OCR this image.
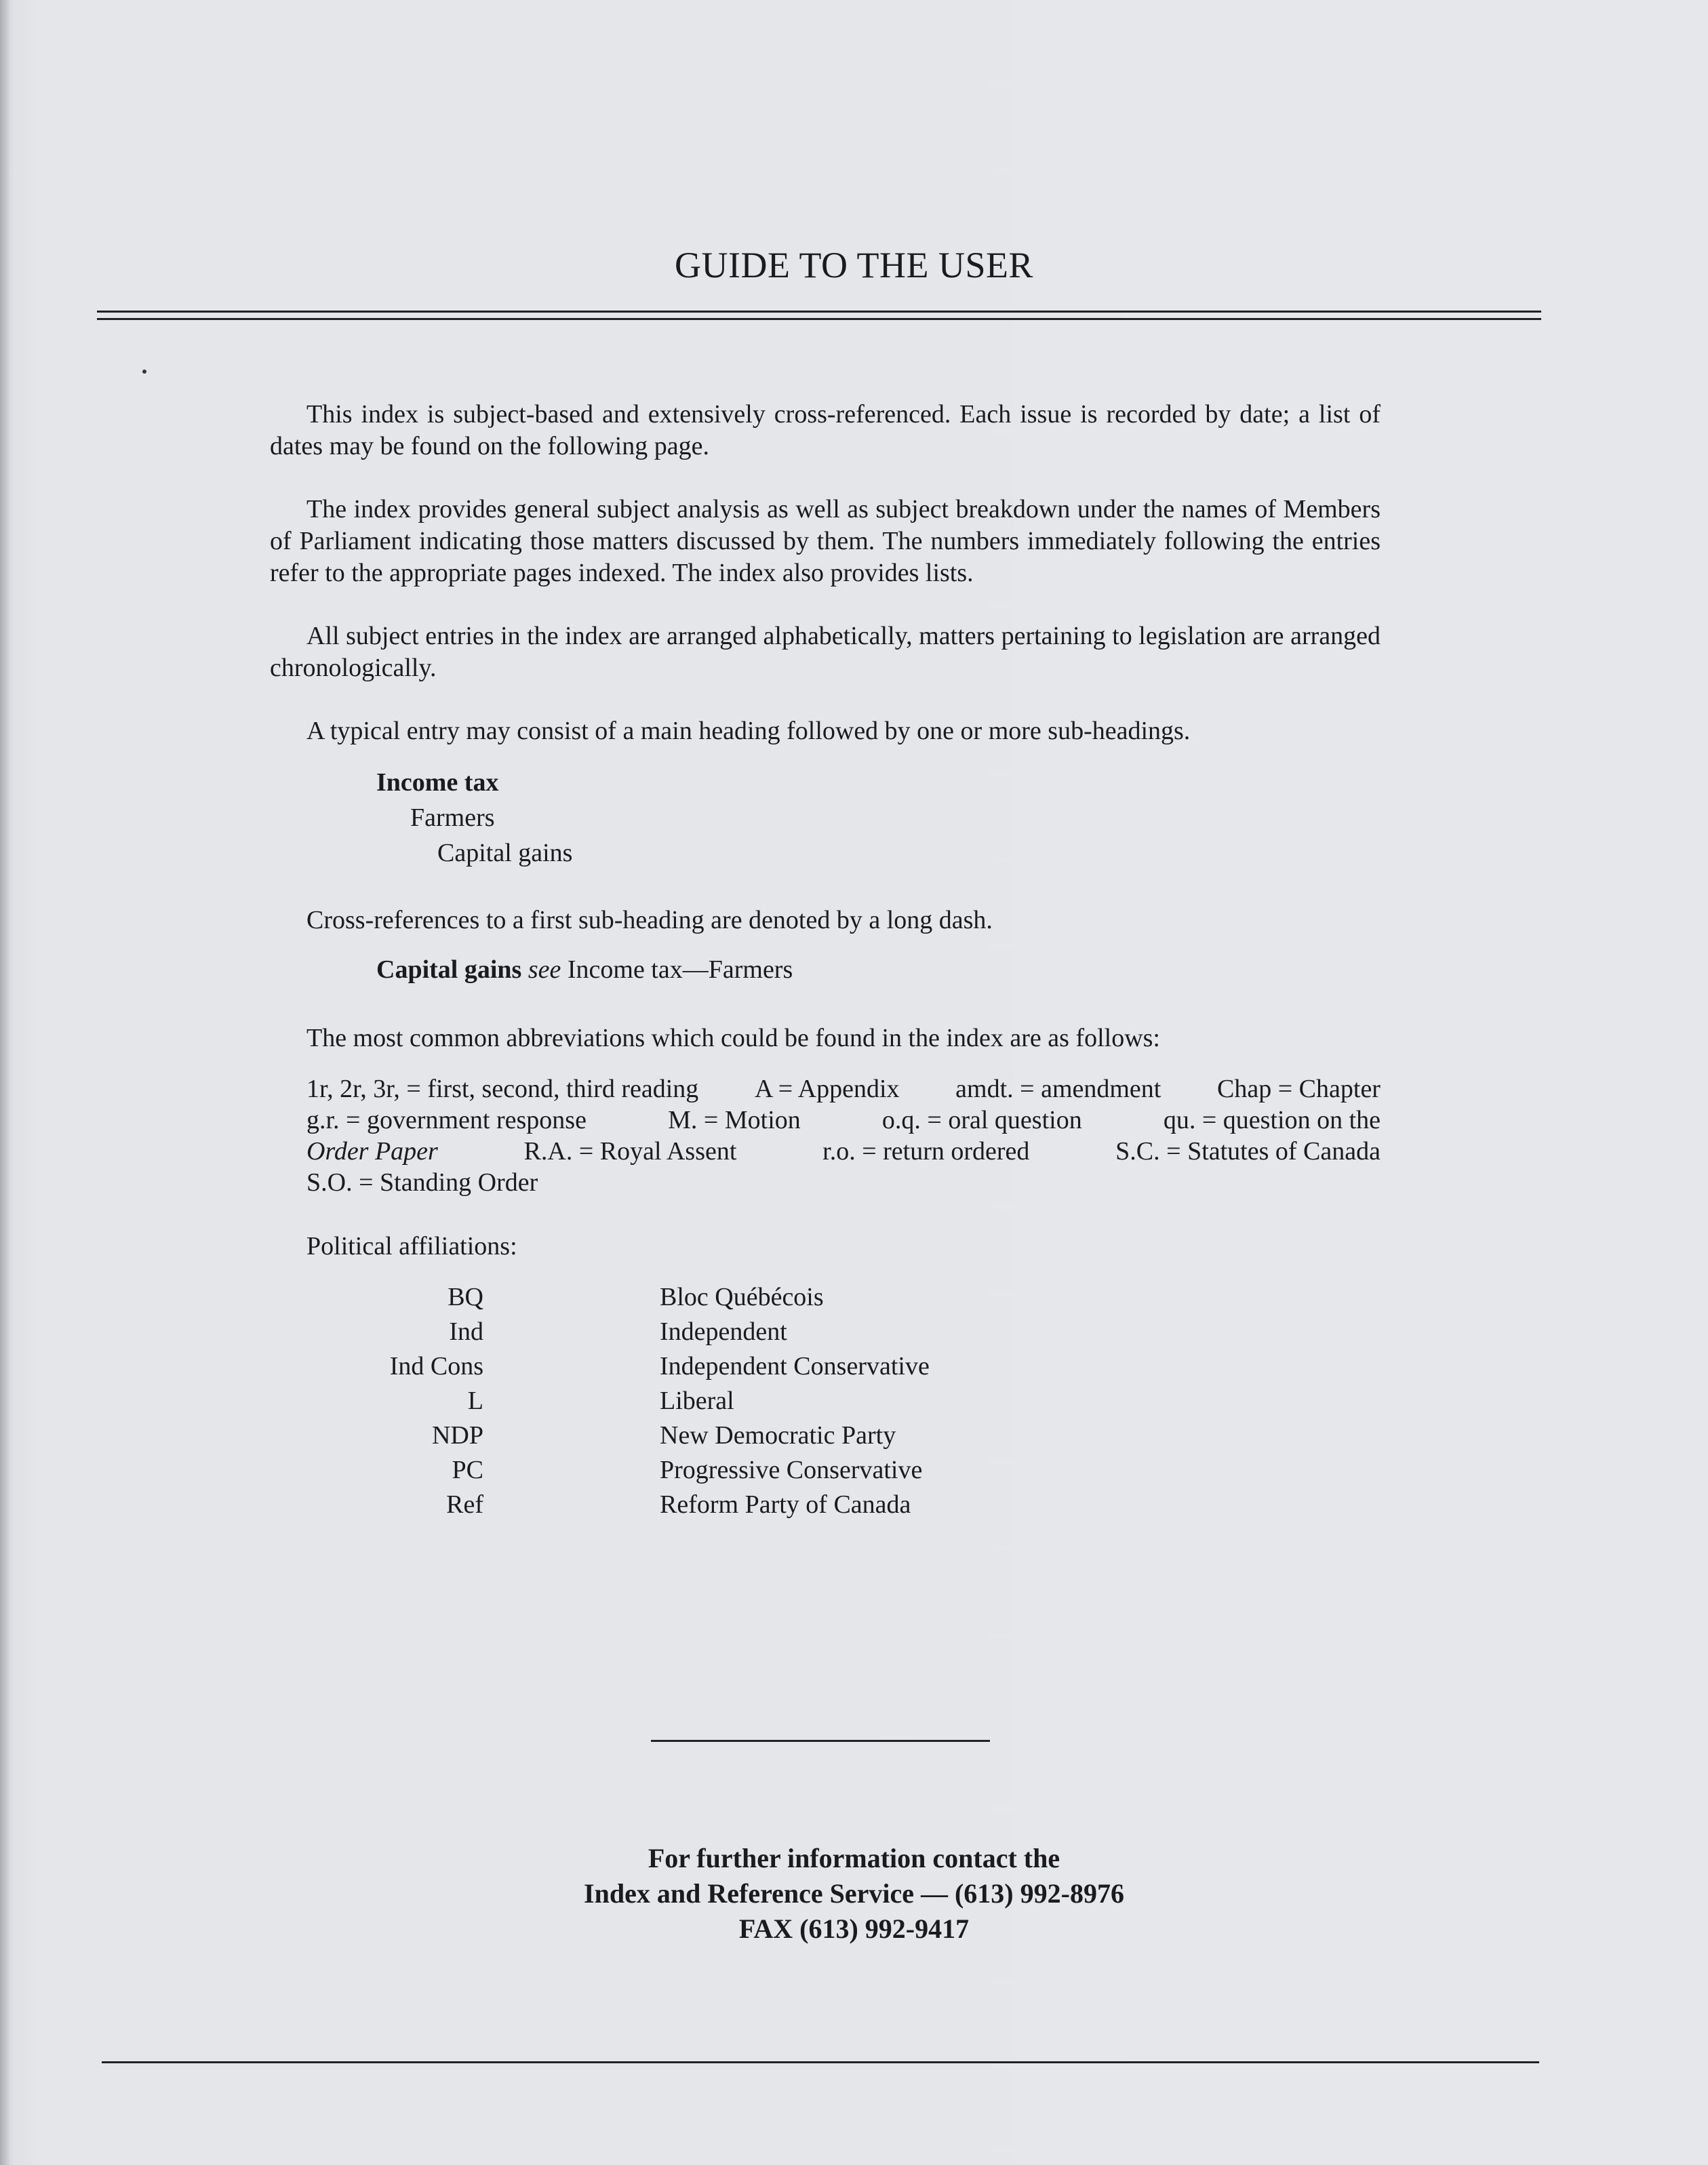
GUIDE TO THE USER

This index is subject-based and extensively cross-referenced. Each issue is recorded by date; a list of dates may be found on the following page.

The index provides general subject analysis as well as subject breakdown under the names of Members of Parliament indicating those matters discussed by them. The numbers immediately following the entries refer to the appropriate pages indexed. The index also provides lists.

All subject entries in the index are arranged alphabetically, matters pertaining to legislation are arranged chronologically.

A typical entry may consist of a main heading followed by one or more sub-headings.

Income tax
Farmers
Capital gains

Cross-references to a first sub-heading are denoted by a long dash.

Capital gains see Income tax—Farmers

The most common abbreviations which could be found in the index are as follows:

1r, 2r, 3r, = first, second, third reading A = Appendix amdt. = amendment Chap = Chapter
g.r. = government response	M. = Motion	o.q. = oral question	qu. = question on the
Order Paper	R.A. = Royal Assent	r.o. = return ordered	S.C. = Statutes of Canada
S.O. = Standing Order
Political affiliations:
BQ	Bloc Québécois
Ind	Independent
Ind Cons	Independent Conservative
L	Liberal
NDP	New Democratic Party
PC	Progressive Conservative
Ref	Reform Party of Canada
For further information contact the
Index and Reference Service — (613) 992-8976
FAX (613) 992-9417
